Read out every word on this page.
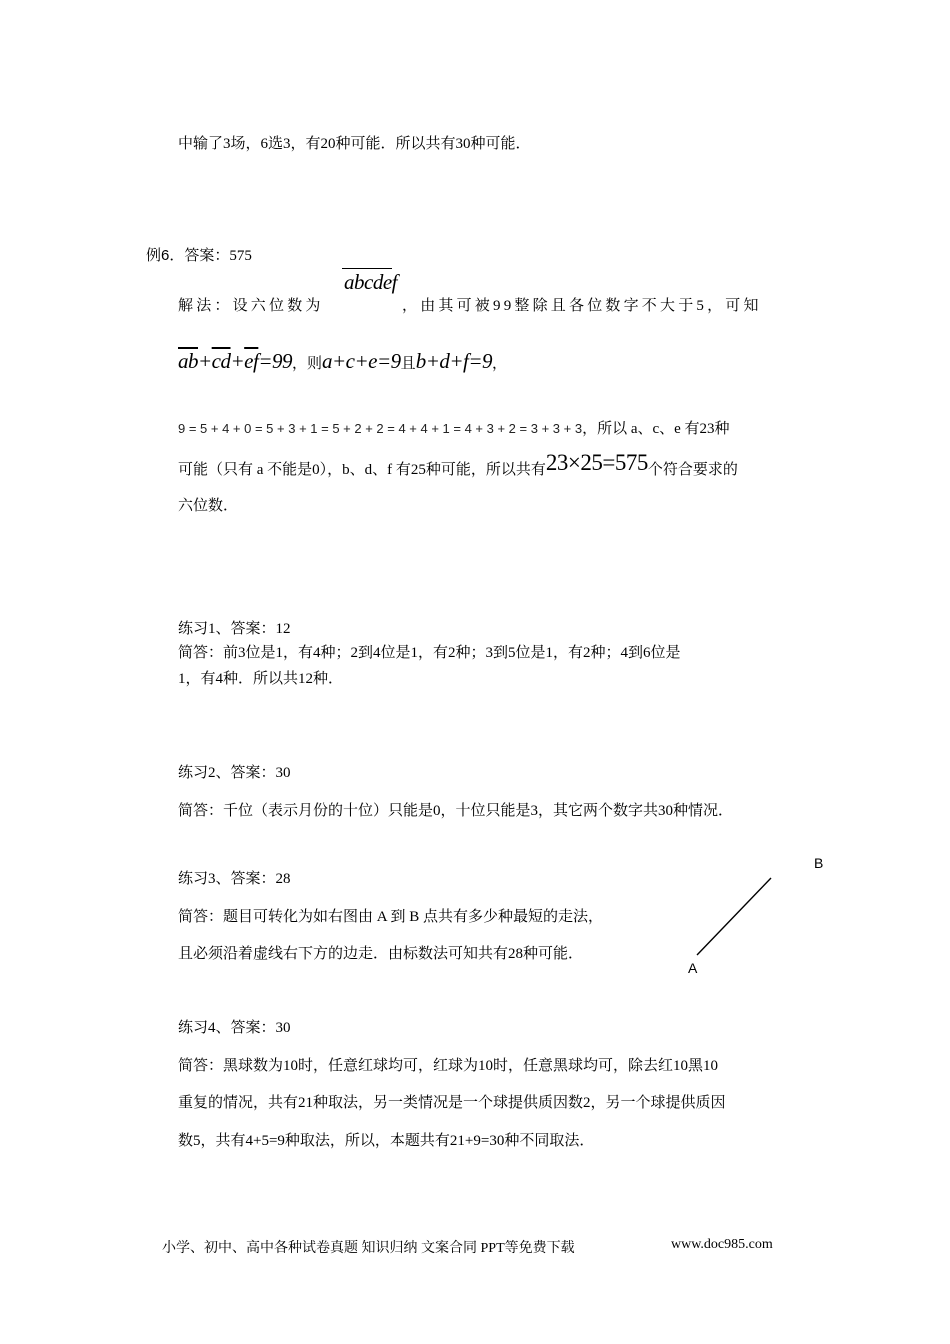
中输了3场，6选3，有20种可能．所以共有30种可能．
例6．答案：575
解法：设六位数为
abcdef
，由其可被99整除且各位数字不大于5，可知
$\overline{ab}+\overline{cd}+\overline{ef}=99$，则a+c+e=9且b+d+f=9，
9 = 5 + 4 + 0 = 5 + 3 + 1 = 5 + 2 + 2 = 4 + 4 + 1 = 4 + 3 + 2 = 3 + 3 + 3，所以 a、c、e 有23种
可能（只有 a 不能是0），b、d、f 有25种可能，所以共有23×25=575个符合要求的
六位数．
练习1、答案：12
简答：前3位是1，有4种；2到4位是1，有2种；3到5位是1，有2种；4到6位是
1，有4种．所以共12种．
练习2、答案：30
简答：千位（表示月份的十位）只能是0，十位只能是3，其它两个数字共30种情况．
练习3、答案：28
简答：题目可转化为如右图由 A 到 B 点共有多少种最短的走法，
且必须沿着虚线右下方的边走．由标数法可知共有28种可能．
A
B
练习4、答案：30
简答：黑球数为10时，任意红球均可，红球为10时，任意黑球均可，除去红10黑10
重复的情况，共有21种取法，另一类情况是一个球提供质因数2，另一个球提供质因
数5，共有4+5=9种取法，所以，本题共有21+9=30种不同取法．
小学、初中、高中各种试卷真题 知识归纳 文案合同 PPT等免费下载	www.doc985.com
